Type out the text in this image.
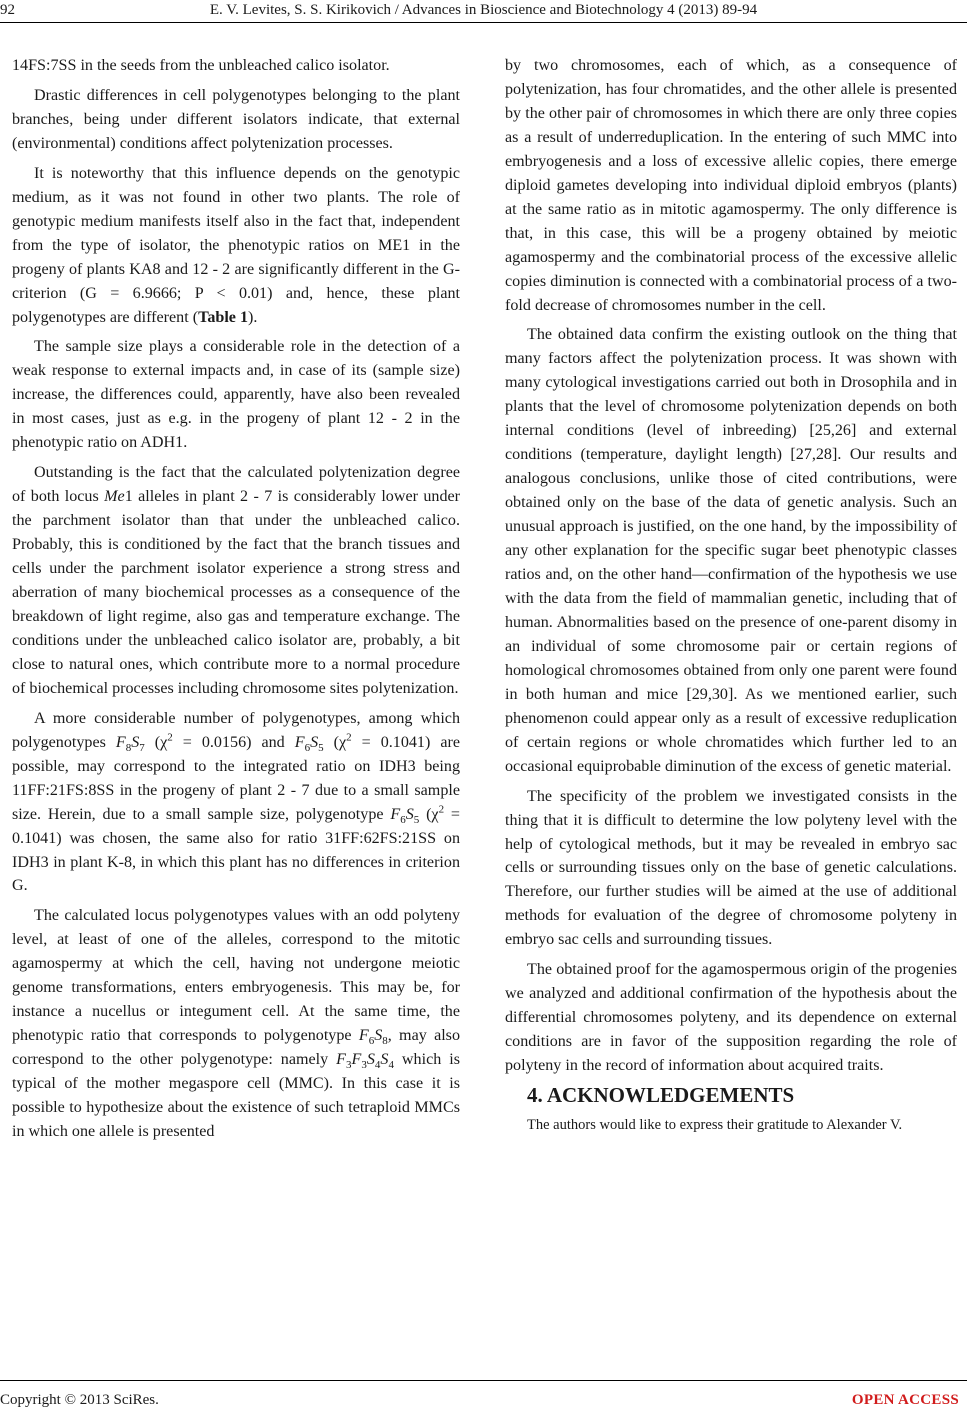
92	E. V. Levites, S. S. Kirikovich / Advances in Bioscience and Biotechnology 4 (2013) 89-94

14FS:7SS in the seeds from the unbleached calico isolator.

Drastic differences in cell polygenotypes belonging to the plant branches, being under different isolators indicate, that external (environmental) conditions affect polytenization processes.

It is noteworthy that this influence depends on the genotypic medium, as it was not found in other two plants. The role of genotypic medium manifests itself also in the fact that, independent from the type of isolator, the phenotypic ratios on ME1 in the progeny of plants KA8 and 12 - 2 are significantly different in the G-criterion (G = 6.9666; P < 0.01) and, hence, these plant polygenotypes are different (Table 1).

The sample size plays a considerable role in the detection of a weak response to external impacts and, in case of its (sample size) increase, the differences could, apparently, have also been revealed in most cases, just as e.g. in the progeny of plant 12 - 2 in the phenotypic ratio on ADH1.

Outstanding is the fact that the calculated polytenization degree of both locus Me1 alleles in plant 2 - 7 is considerably lower under the parchment isolator than that under the unbleached calico. Probably, this is conditioned by the fact that the branch tissues and cells under the parchment isolator experience a strong stress and aberration of many biochemical processes as a consequence of the breakdown of light regime, also gas and temperature exchange. The conditions under the unbleached calico isolator are, probably, a bit close to natural ones, which contribute more to a normal procedure of biochemical processes including chromosome sites polytenization.

A more considerable number of polygenotypes, among which polygenotypes $F_8S_7$ $(\chi^2 = 0.0156)$ and $F_6S_5$ $(\chi^2 = 0.1041)$ are possible, may correspond to the integrated ratio on IDH3 being 11FF:21FS:8SS in the progeny of plant 2 - 7 due to a small sample size. Herein, due to a small sample size, polygenotype $F_6S_5$ $(\chi^2 = 0.1041)$ was chosen, the same also for ratio 31FF:62FS:21SS on IDH3 in plant K-8, in which this plant has no differences in criterion G.

The calculated locus polygenotypes values with an odd polyteny level, at least of one of the alleles, correspond to the mitotic agamospermy at which the cell, having not undergone meiotic genome transformations, enters embryogenesis. This may be, for instance a nucellus or integument cell. At the same time, the phenotypic ratio that corresponds to polygenotype $F_6S_8$, may also correspond to the other polygenotype: namely $F_3F_3S_4S_4$ which is typical of the mother megaspore cell (MMC). In this case it is possible to hypothesize about the existence of such tetraploid MMCs in which one allele is presented

by two chromosomes, each of which, as a consequence of polytenization, has four chromatides, and the other allele is presented by the other pair of chromosomes in which there are only three copies as a result of underreduplication. In the entering of such MMC into embryogenesis and a loss of excessive allelic copies, there emerge diploid gametes developing into individual diploid embryos (plants) at the same ratio as in mitotic agamospermy. The only difference is that, in this case, this will be a progeny obtained by meiotic agamospermy and the combinatorial process of the excessive allelic copies diminution is connected with a combinatorial process of a two-fold decrease of chromosomes number in the cell.

The obtained data confirm the existing outlook on the thing that many factors affect the polytenization process. It was shown with many cytological investigations carried out both in Drosophila and in plants that the level of chromosome polytenization depends on both internal conditions (level of inbreeding) [25,26] and external conditions (temperature, daylight length) [27,28]. Our results and analogous conclusions, unlike those of cited contributions, were obtained only on the base of the data of genetic analysis. Such an unusual approach is justified, on the one hand, by the impossibility of any other explanation for the specific sugar beet phenotypic classes ratios and, on the other hand—confirmation of the hypothesis we use with the data from the field of mammalian genetic, including that of human. Abnormalities based on the presence of one-parent disomy in an individual of some chromosome pair or certain regions of homological chromosomes obtained from only one parent were found in both human and mice [29,30]. As we mentioned earlier, such phenomenon could appear only as a result of excessive reduplication of certain regions or whole chromatides which further led to an occasional equiprobable diminution of the excess of genetic material.

The specificity of the problem we investigated consists in the thing that it is difficult to determine the low polyteny level with the help of cytological methods, but it may be revealed in embryo sac cells or surrounding tissues only on the base of genetic calculations. Therefore, our further studies will be aimed at the use of additional methods for evaluation of the degree of chromosome polyteny in embryo sac cells and surrounding tissues.

The obtained proof for the agamospermous origin of the progenies we analyzed and additional confirmation of the hypothesis about the differential chromosomes polyteny, and its dependence on external conditions are in favor of the supposition regarding the role of polyteny in the record of information about acquired traits.

4. ACKNOWLEDGEMENTS

The authors would like to express their gratitude to Alexander V.

Copyright © 2013 SciRes.	OPEN ACCESS
